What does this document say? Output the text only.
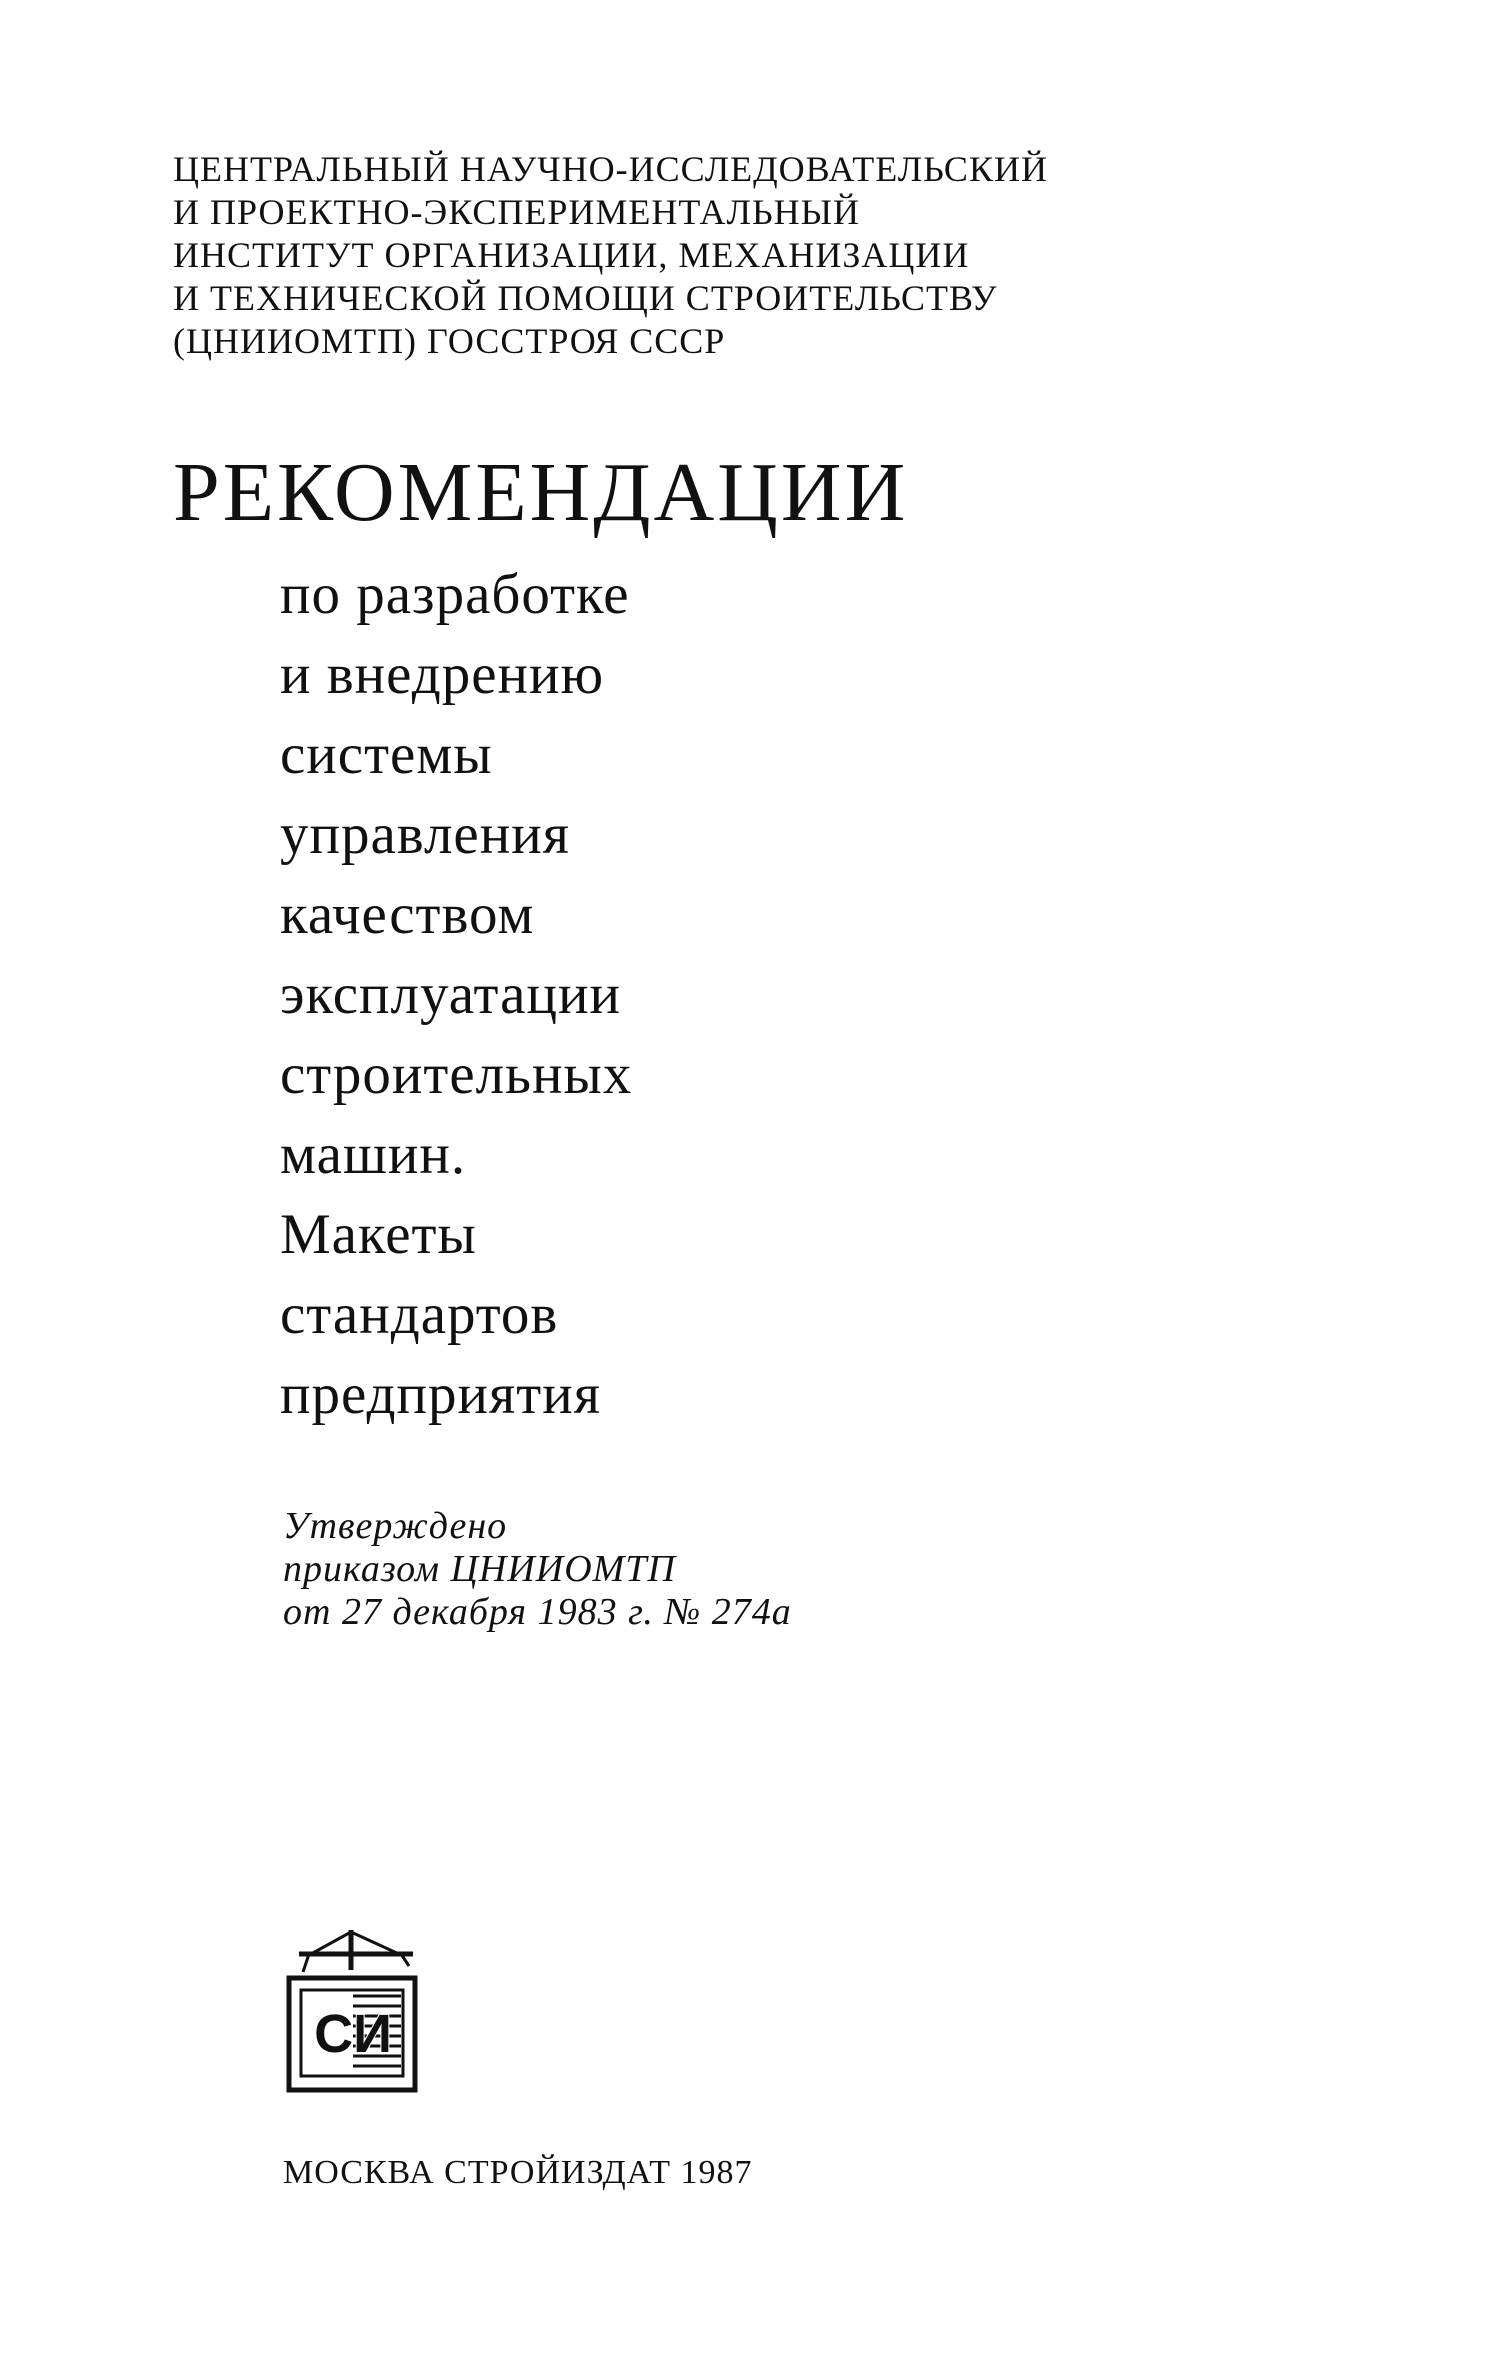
ЦЕНТРАЛЬНЫЙ НАУЧНО-ИССЛЕДОВАТЕЛЬСКИЙ
И ПРОЕКТНО-ЭКСПЕРИМЕНТАЛЬНЫЙ
ИНСТИТУТ ОРГАНИЗАЦИИ, МЕХАНИЗАЦИИ
И ТЕХНИЧЕСКОЙ ПОМОЩИ СТРОИТЕЛЬСТВУ
(ЦНИИОМТП) ГОССТРОЯ СССР
РЕКОМЕНДАЦИИ
по разработке
и внедрению
системы
управления
качеством
эксплуатации
строительных
машин.
Макеты
стандартов
предприятия
Утверждено
приказом ЦНИИОМТП
от 27 декабря 1983 г. № 274а
СИ
МОСКВА СТРОЙИЗДАТ 1987
